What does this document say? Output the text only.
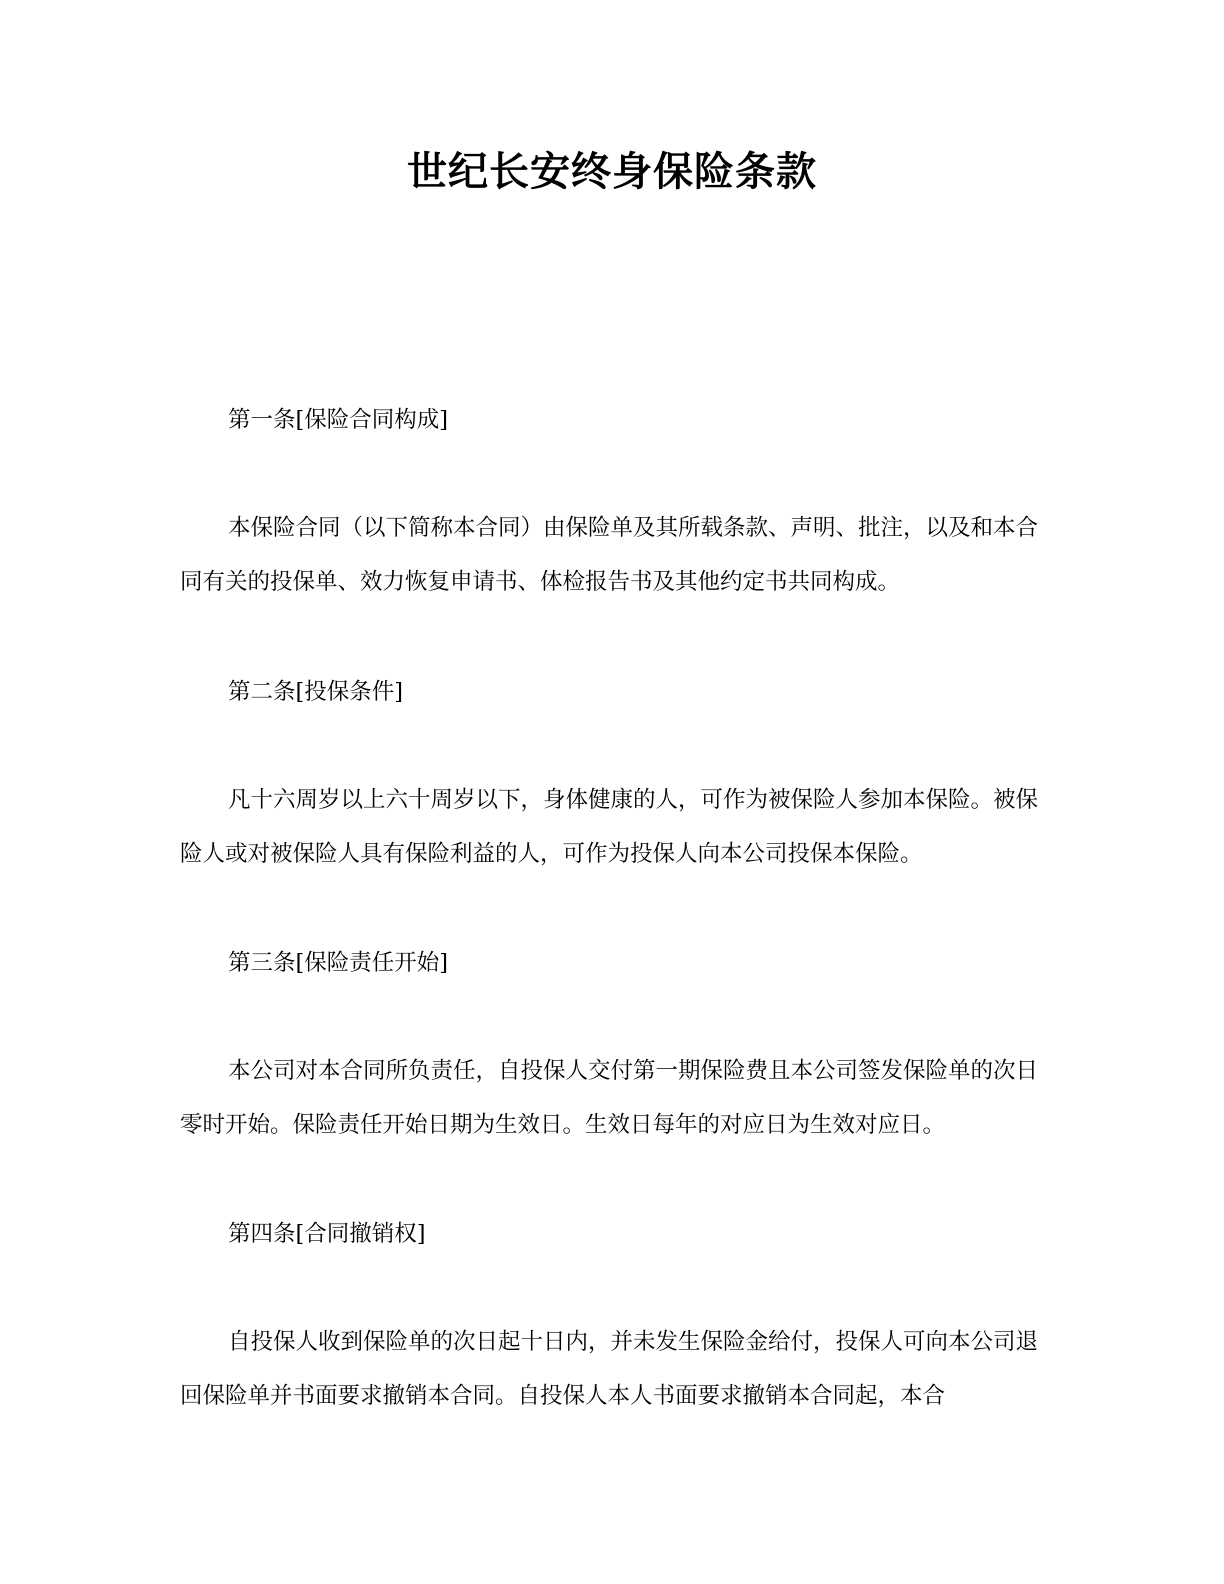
世纪长安终身保险条款

第一条[保险合同构成]

本保险合同（以下简称本合同）由保险单及其所载条款、声明、批注，以及和本合同有关的投保单、效力恢复申请书、体检报告书及其他约定书共同构成。

第二条[投保条件]

凡十六周岁以上六十周岁以下，身体健康的人，可作为被保险人参加本保险。被保险人或对被保险人具有保险利益的人，可作为投保人向本公司投保本保险。

第三条[保险责任开始]

本公司对本合同所负责任，自投保人交付第一期保险费且本公司签发保险单的次日零时开始。保险责任开始日期为生效日。生效日每年的对应日为生效对应日。

第四条[合同撤销权]

自投保人收到保险单的次日起十日内，并未发生保险金给付，投保人可向本公司退回保险单并书面要求撤销本合同。自投保人本人书面要求撤销本合同起，本合
